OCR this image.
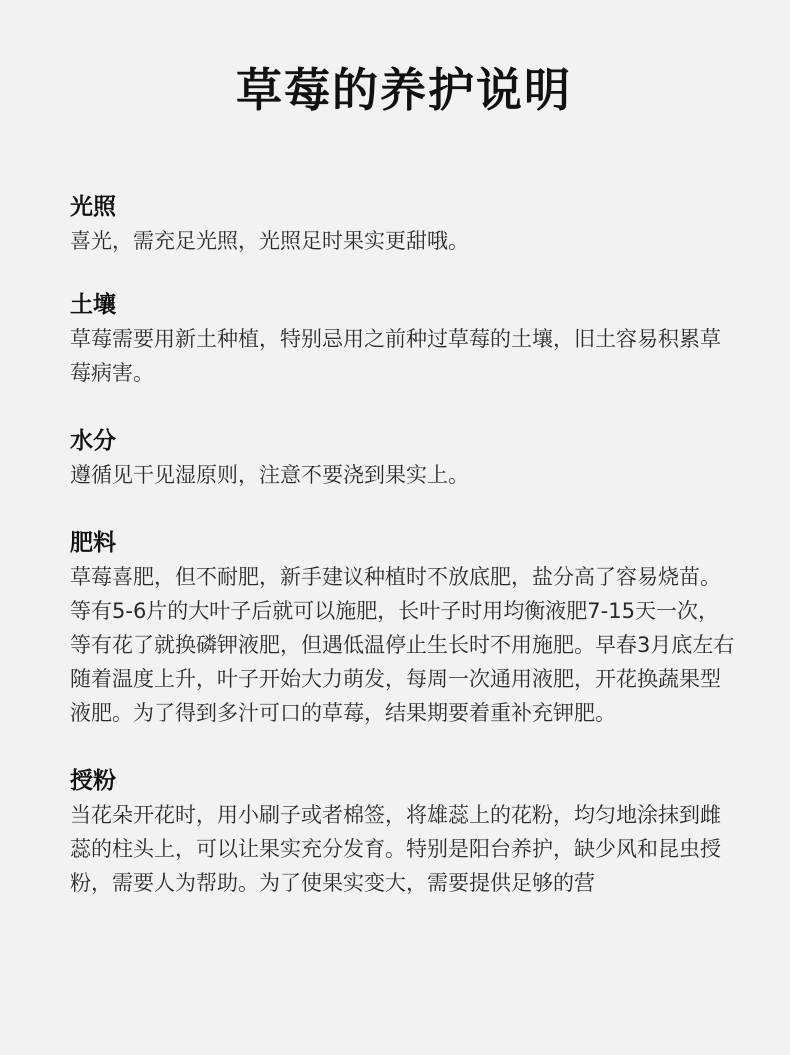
草莓的养护说明
光照

喜光，需充足光照，光照足时果实更甜哦。

土壤

草莓需要用新土种植，特别忌用之前种过草莓的土壤，旧土容易积累草莓病害。

水分

遵循见干见湿原则，注意不要浇到果实上。

肥料

草莓喜肥，但不耐肥，新手建议种植时不放底肥，盐分高了容易烧苗。等有5-6片的大叶子后就可以施肥，长叶子时用均衡液肥7-15天一次，等有花了就换磷钾液肥，但遇低温停止生长时不用施肥。早春3月底左右随着温度上升，叶子开始大力萌发，每周一次通用液肥，开花换蔬果型液肥。为了得到多汁可口的草莓，结果期要着重补充钾肥。

授粉

当花朵开花时，用小刷子或者棉签，将雄蕊上的花粉，均匀地涂抹到雌蕊的柱头上，可以让果实充分发育。特别是阳台养护，缺少风和昆虫授粉，需要人为帮助。为了使果实变大，需要提供足够的营
